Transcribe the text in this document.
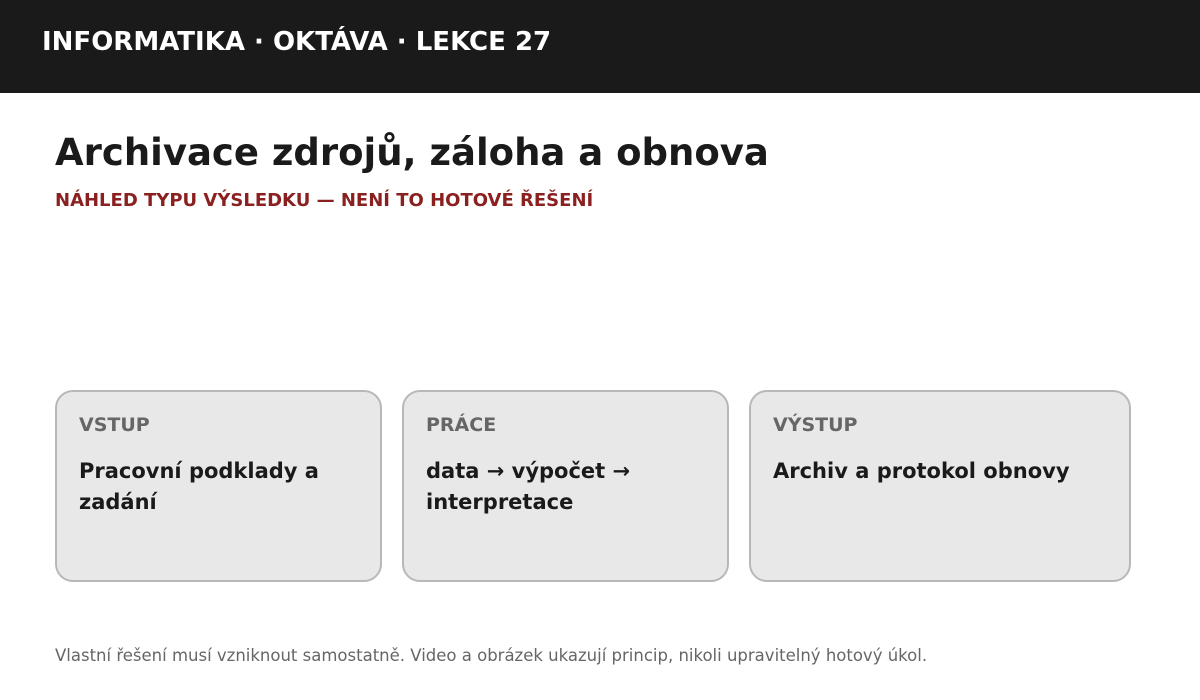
INFORMATIKA · OKTÁVA · LEKCE 27
Archivace zdrojů, záloha a obnova
NÁHLED TYPU VÝSLEDKU — NENÍ TO HOTOVÉ ŘEŠENÍ
VSTUP
Pracovní podklady a zadání
PRÁCE
data → výpočet → interpretace
VÝSTUP
Archiv a protokol obnovy
Vlastní řešení musí vzniknout samostatně. Video a obrázek ukazují princip, nikoli upravitelný hotový úkol.
